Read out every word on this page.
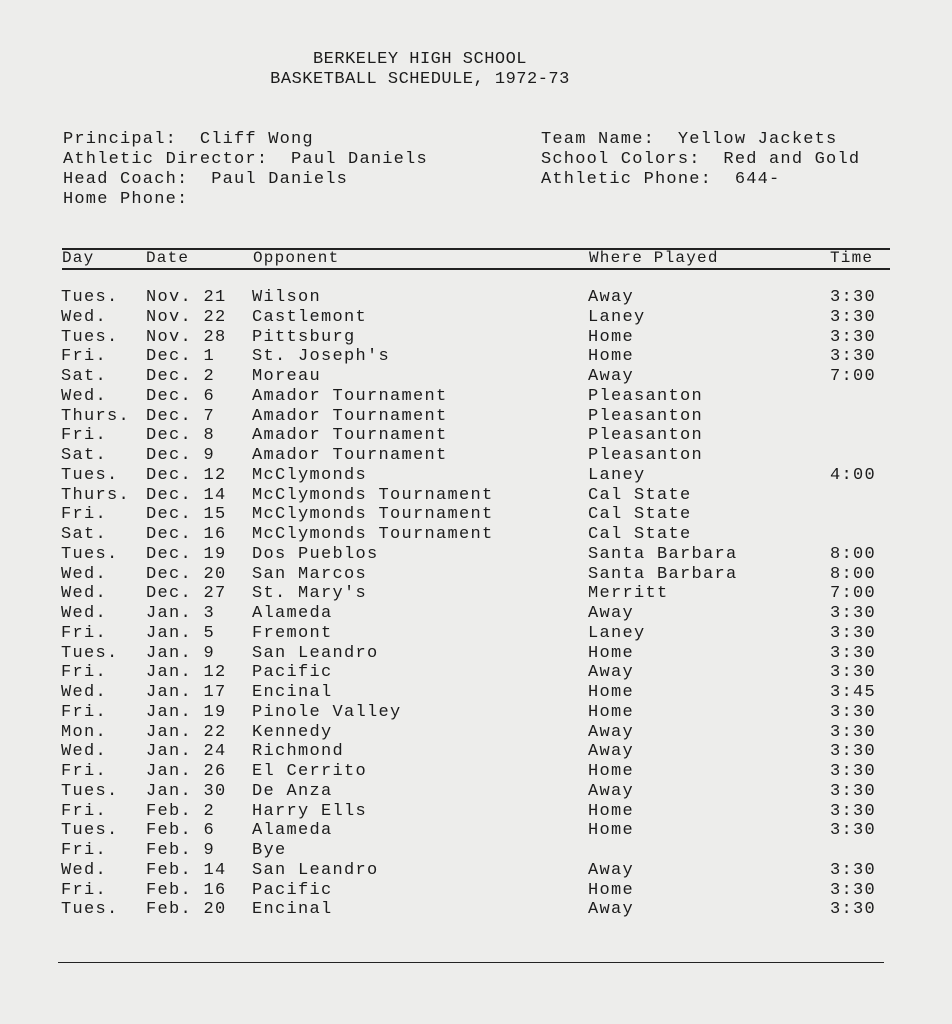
BERKELEY HIGH SCHOOL
BASKETBALL SCHEDULE, 1972-73
Principal:  Cliff Wong
Athletic Director:  Paul Daniels
Head Coach:  Paul Daniels
Home Phone:
Team Name:  Yellow Jackets
School Colors:  Red and Gold
Athletic Phone:  644-
Day	Date	Opponent	Where Played	Time
Tues. Nov. 21 Wilson	Away	3:30
Wed. Nov. 22 Castlemont	Laney	3:30
Tues. Nov. 28 Pittsburg	Home	3:30
Fri. Dec. 1 St. Joseph's	Home	3:30
Sat. Dec. 2 Moreau	Away	7:00
Wed. Dec. 6 Amador Tournament	Pleasanton
Thurs. Dec. 7 Amador Tournament	Pleasanton
Fri. Dec. 8 Amador Tournament	Pleasanton
Sat. Dec. 9 Amador Tournament	Pleasanton
Tues. Dec. 12 McClymonds	Laney	4:00
Thurs. Dec. 14 McClymonds Tournament	Cal State
Fri. Dec. 15 McClymonds Tournament	Cal State
Sat. Dec. 16 McClymonds Tournament	Cal State
Tues. Dec. 19 Dos Pueblos	Santa Barbara	8:00
Wed. Dec. 20 San Marcos	Santa Barbara	8:00
Wed. Dec. 27 St. Mary's	Merritt	7:00
Wed. Jan. 3 Alameda	Away	3:30
Fri. Jan. 5 Fremont	Laney	3:30
Tues. Jan. 9 San Leandro	Home	3:30
Fri. Jan. 12 Pacific	Away	3:30
Wed. Jan. 17 Encinal	Home	3:45
Fri. Jan. 19 Pinole Valley	Home	3:30
Mon. Jan. 22 Kennedy	Away	3:30
Wed. Jan. 24 Richmond	Away	3:30
Fri. Jan. 26 El Cerrito	Home	3:30
Tues. Jan. 30 De Anza	Away	3:30
Fri. Feb. 2 Harry Ells	Home	3:30
Tues. Feb. 6 Alameda	Home	3:30
Fri. Feb. 9 Bye
Wed. Feb. 14 San Leandro	Away	3:30
Fri. Feb. 16 Pacific	Home	3:30
Tues. Feb. 20 Encinal	Away	3:30
